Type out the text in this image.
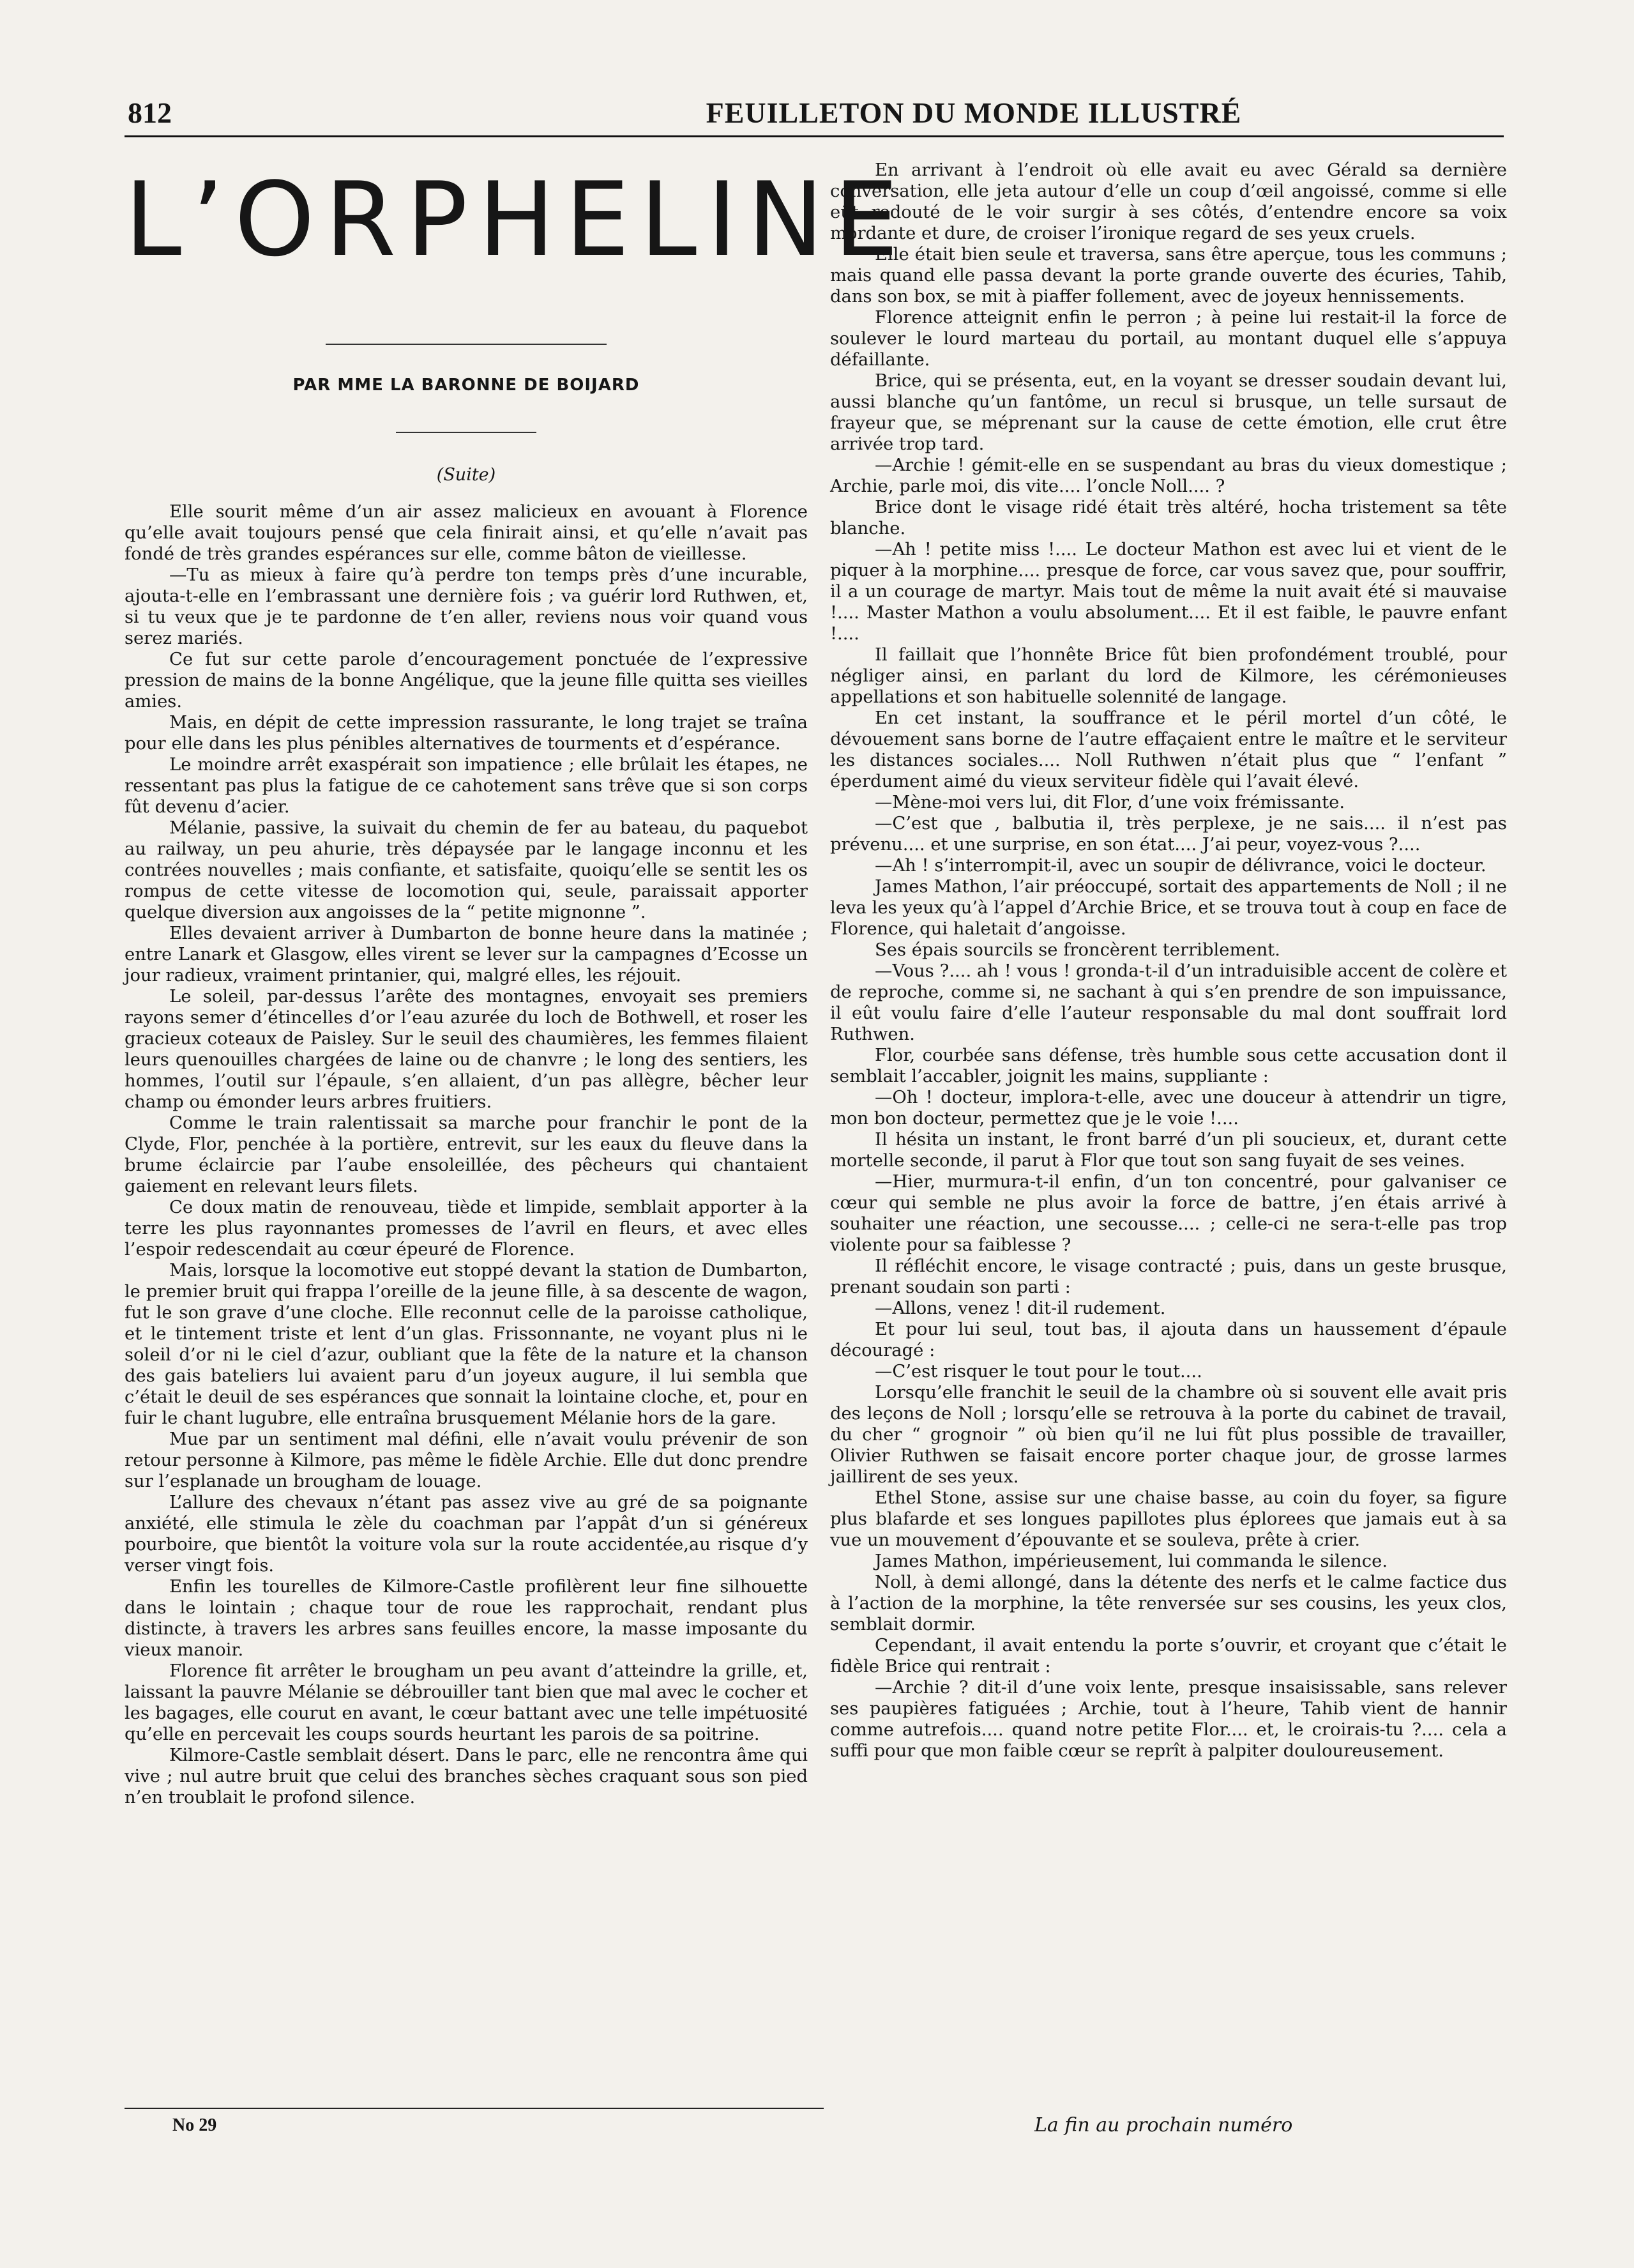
812	FEUILLETON DU MONDE ILLUSTRÉ
L’ORPHELINE
PAR MME LA BARONNE DE BOIJARD
(Suite)

Elle sourit même d’un air assez malicieux en avouant à Florence qu’elle avait toujours pensé que cela finirait ainsi, et qu’elle n’avait pas fondé de très grandes espérances sur elle, comme bâton de vieillesse.

—Tu as mieux à faire qu’à perdre ton temps près d’une incurable, ajouta-t-elle en l’embrassant une dernière fois ; va guérir lord Ruthwen, et, si tu veux que je te pardonne de t’en aller, reviens nous voir quand vous serez mariés.

Ce fut sur cette parole d’encouragement ponctuée de l’expressive pression de mains de la bonne Angélique, que la jeune fille quitta ses vieilles amies.

Mais, en dépit de cette impression rassurante, le long trajet se traîna pour elle dans les plus pénibles alternatives de tourments et d’espérance.

Le moindre arrêt exaspérait son impatience ; elle brûlait les étapes, ne ressentant pas plus la fatigue de ce cahotement sans trêve que si son corps fût devenu d’acier.

Mélanie, passive, la suivait du chemin de fer au bateau, du paquebot au railway, un peu ahurie, très dépaysée par le langage inconnu et les contrées nouvelles ; mais confiante, et satisfaite, quoiqu’elle se sentit les os rompus de cette vitesse de locomotion qui, seule, paraissait apporter quelque diversion aux angoisses de la “ petite mignonne ”.

Elles devaient arriver à Dumbarton de bonne heure dans la matinée ; entre Lanark et Glasgow, elles virent se lever sur la campagnes d’Ecosse un jour radieux, vraiment printanier, qui, malgré elles, les réjouit.

Le soleil, par-dessus l’arête des montagnes, envoyait ses premiers rayons semer d’étincelles d’or l’eau azurée du loch de Bothwell, et roser les gracieux coteaux de Paisley. Sur le seuil des chaumières, les femmes filaient leurs quenouilles chargées de laine ou de chanvre ; le long des sentiers, les hommes, l’outil sur l’épaule, s’en allaient, d’un pas allègre, bêcher leur champ ou émonder leurs arbres fruitiers.

Comme le train ralentissait sa marche pour franchir le pont de la Clyde, Flor, penchée à la portière, entrevit, sur les eaux du fleuve dans la brume éclaircie par l’aube ensoleillée, des pêcheurs qui chantaient gaiement en relevant leurs filets.

Ce doux matin de renouveau, tiède et limpide, semblait apporter à la terre les plus rayonnantes promesses de l’avril en fleurs, et avec elles l’espoir redescendait au cœur épeuré de Florence.

Mais, lorsque la locomotive eut stoppé devant la station de Dumbarton, le premier bruit qui frappa l’oreille de la jeune fille, à sa descente de wagon, fut le son grave d’une cloche. Elle reconnut celle de la paroisse catholique, et le tintement triste et lent d’un glas. Frissonnante, ne voyant plus ni le soleil d’or ni le ciel d’azur, oubliant que la fête de la nature et la chanson des gais bateliers lui avaient paru d’un joyeux augure, il lui sembla que c’était le deuil de ses espérances que sonnait la lointaine cloche, et, pour en fuir le chant lugubre, elle entraîna brusquement Mélanie hors de la gare.

Mue par un sentiment mal défini, elle n’avait voulu prévenir de son retour personne à Kilmore, pas même le fidèle Archie. Elle dut donc prendre sur l’esplanade un brougham de louage.

L’allure des chevaux n’étant pas assez vive au gré de sa poignante anxiété, elle stimula le zèle du coachman par l’appât d’un si généreux pourboire, que bientôt la voiture vola sur la route accidentée,au risque d’y verser vingt fois.

Enfin les tourelles de Kilmore-Castle profilèrent leur fine silhouette dans le lointain ; chaque tour de roue les rapprochait, rendant plus distincte, à travers les arbres sans feuilles encore, la masse imposante du vieux manoir.

Florence fit arrêter le brougham un peu avant d’atteindre la grille, et, laissant la pauvre Mélanie se débrouiller tant bien que mal avec le cocher et les bagages, elle courut en avant, le cœur battant avec une telle impétuosité qu’elle en percevait les coups sourds heurtant les parois de sa poitrine.

Kilmore-Castle semblait désert. Dans le parc, elle ne rencontra âme qui vive ; nul autre bruit que celui des branches sèches craquant sous son pied n’en troublait le profond silence.

En arrivant à l’endroit où elle avait eu avec Gérald sa dernière conversation, elle jeta autour d’elle un coup d’œil angoissé, comme si elle eût redouté de le voir surgir à ses côtés, d’entendre encore sa voix mordante et dure, de croiser l’ironique regard de ses yeux cruels.

Elle était bien seule et traversa, sans être aperçue, tous les communs ; mais quand elle passa devant la porte grande ouverte des écuries, Tahib, dans son box, se mit à piaffer follement, avec de joyeux hennissements.

Florence atteignit enfin le perron ; à peine lui restait-il la force de soulever le lourd marteau du portail, au montant duquel elle s’appuya défaillante.

Brice, qui se présenta, eut, en la voyant se dresser soudain devant lui, aussi blanche qu’un fantôme, un recul si brusque, un telle sursaut de frayeur que, se méprenant sur la cause de cette émotion, elle crut être arrivée trop tard.

—Archie ! gémit-elle en se suspendant au bras du vieux domestique ; Archie, parle moi, dis vite.... l’oncle Noll.... ?

Brice dont le visage ridé était très altéré, hocha tristement sa tête blanche.

—Ah ! petite miss !.... Le docteur Mathon est avec lui et vient de le piquer à la morphine.... presque de force, car vous savez que, pour souffrir, il a un courage de martyr. Mais tout de même la nuit avait été si mauvaise !.... Master Mathon a voulu absolument.... Et il est faible, le pauvre enfant !....

Il faillait que l’honnête Brice fût bien profondément troublé, pour négliger ainsi, en parlant du lord de Kilmore, les cérémonieuses appellations et son habituelle solennité de langage.

En cet instant, la souffrance et le péril mortel d’un côté, le dévouement sans borne de l’autre effaçaient entre le maître et le serviteur les distances sociales.... Noll Ruthwen n’était plus que “ l’enfant ” éperdument aimé du vieux serviteur fidèle qui l’avait élevé.

—Mène-moi vers lui, dit Flor, d’une voix frémissante.

—C’est que , balbutia il, très perplexe, je ne sais.... il n’est pas prévenu.... et une surprise, en son état.... J’ai peur, voyez-vous ?....

—Ah ! s’interrompit-il, avec un soupir de délivrance, voici le docteur.

James Mathon, l’air préoccupé, sortait des appartements de Noll ; il ne leva les yeux qu’à l’appel d’Archie Brice, et se trouva tout à coup en face de Florence, qui haletait d’angoisse.

Ses épais sourcils se froncèrent terriblement.

—Vous ?.... ah ! vous ! gronda-t-il d’un intraduisible accent de colère et de reproche, comme si, ne sachant à qui s’en prendre de son impuissance, il eût voulu faire d’elle l’auteur responsable du mal dont souffrait lord Ruthwen.

Flor, courbée sans défense, très humble sous cette accusation dont il semblait l’accabler, joignit les mains, suppliante :

—Oh ! docteur, implora-t-elle, avec une douceur à attendrir un tigre, mon bon docteur, permettez que je le voie !....

Il hésita un instant, le front barré d’un pli soucieux, et, durant cette mortelle seconde, il parut à Flor que tout son sang fuyait de ses veines.

—Hier, murmura-t-il enfin, d’un ton concentré, pour galvaniser ce cœur qui semble ne plus avoir la force de battre, j’en étais arrivé à souhaiter une réaction, une secousse.... ; celle-ci ne sera-t-elle pas trop violente pour sa faiblesse ?

Il réfléchit encore, le visage contracté ; puis, dans un geste brusque, prenant soudain son parti :

—Allons, venez ! dit-il rudement.

Et pour lui seul, tout bas, il ajouta dans un haussement d’épaule découragé :

—C’est risquer le tout pour le tout....

Lorsqu’elle franchit le seuil de la chambre où si souvent elle avait pris des leçons de Noll ; lorsqu’elle se retrouva à la porte du cabinet de travail, du cher “ grognoir ” où bien qu’il ne lui fût plus possible de travailler, Olivier Ruthwen se faisait encore porter chaque jour, de grosse larmes jaillirent de ses yeux.

Ethel Stone, assise sur une chaise basse, au coin du foyer, sa figure plus blafarde et ses longues papillotes plus éplorees que jamais eut à sa vue un mouvement d’épouvante et se souleva, prête à crier.

James Mathon, impérieusement, lui commanda le silence.

Noll, à demi allongé, dans la détente des nerfs et le calme factice dus à l’action de la morphine, la tête renversée sur ses cousins, les yeux clos, semblait dormir.

Cependant, il avait entendu la porte s’ouvrir, et croyant que c’était le fidèle Brice qui rentrait :

—Archie ? dit-il d’une voix lente, presque insaisissable, sans relever ses paupières fatiguées ; Archie, tout à l’heure, Tahib vient de hannir comme autrefois.... quand notre petite Flor.... et, le croirais-tu ?.... cela a suffi pour que mon faible cœur se reprît à palpiter douloureusement.

No 29	La fin au prochain numéro
